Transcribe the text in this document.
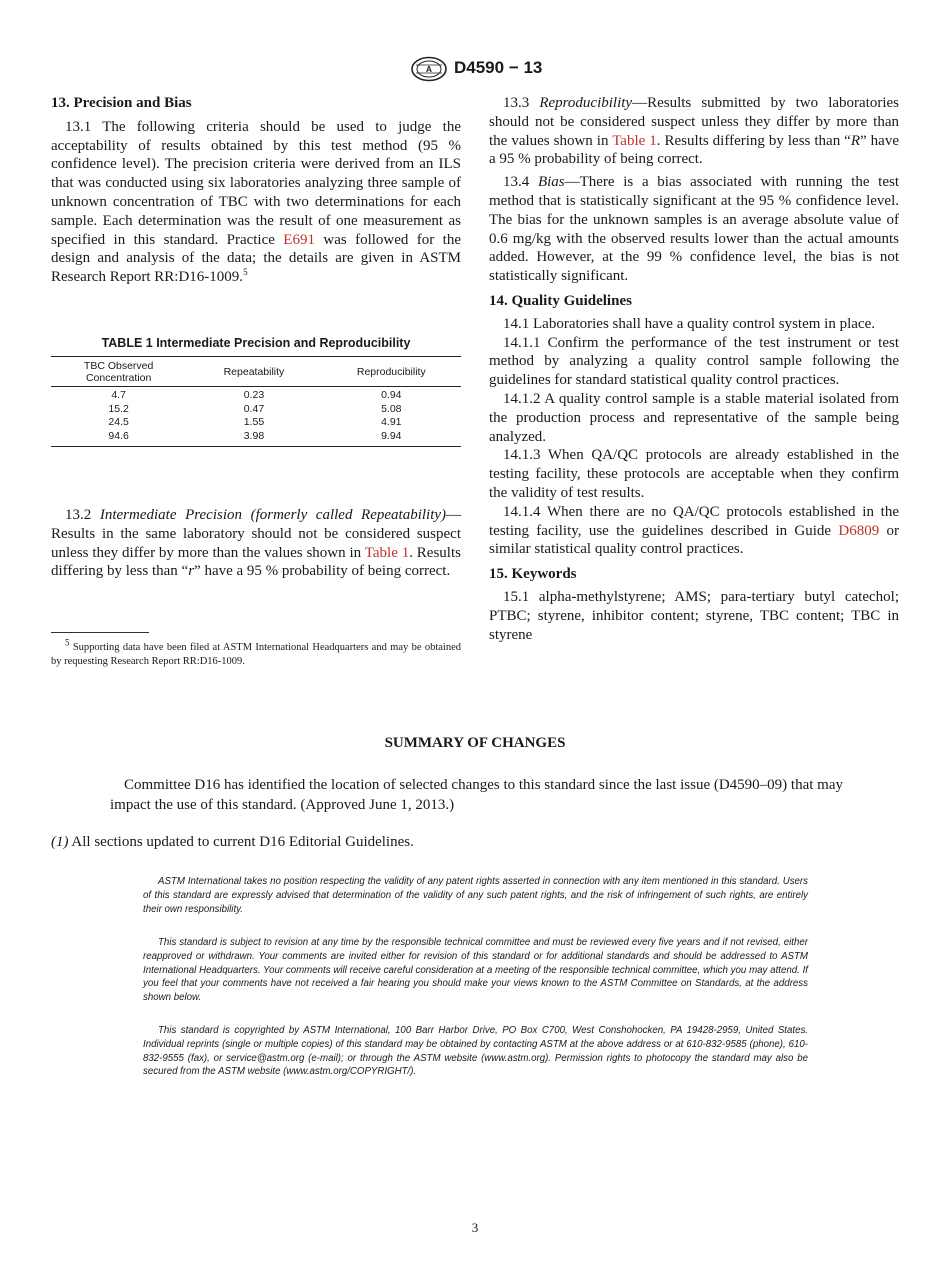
A D4590 − 13
13. Precision and Bias

13.1 The following criteria should be used to judge the acceptability of results obtained by this test method (95 % confidence level). The precision criteria were derived from an ILS that was conducted using six laboratories analyzing three sample of unknown concentration of TBC with two determinations for each sample. Each determination was the result of one measurement as specified in this standard. Practice E691 was followed for the design and analysis of the data; the details are given in ASTM Research Report RR:D16-1009.$^5$

TABLE 1 Intermediate Precision and Reproducibility
TBC Observed Concentration	Repeatability	Reproducibility
4.7	0.23	0.94
15.2	0.47	5.08
24.5	1.55	4.91
94.6	3.98	9.94

13.2 Intermediate Precision (formerly called Repeatability)—Results in the same laboratory should not be considered suspect unless they differ by more than the values shown in Table 1. Results differing by less than “r” have a 95 % probability of being correct.

$^5$ Supporting data have been filed at ASTM International Headquarters and may be obtained by requesting Research Report RR:D16-1009.

13.3 Reproducibility—Results submitted by two laboratories should not be considered suspect unless they differ by more than the values shown in Table 1. Results differing by less than “R” have a 95 % probability of being correct.

13.4 Bias—There is a bias associated with running the test method that is statistically significant at the 95 % confidence level. The bias for the unknown samples is an average absolute value of 0.6 mg/kg with the observed results lower than the actual amounts added. However, at the 99 % confidence level, the bias is not statistically significant.

14. Quality Guidelines

14.1 Laboratories shall have a quality control system in place.

14.1.1 Confirm the performance of the test instrument or test method by analyzing a quality control sample following the guidelines for standard statistical quality control practices.

14.1.2 A quality control sample is a stable material isolated from the production process and representative of the sample being analyzed.

14.1.3 When QA/QC protocols are already established in the testing facility, these protocols are acceptable when they confirm the validity of test results.

14.1.4 When there are no QA/QC protocols established in the testing facility, use the guidelines described in Guide D6809 or similar statistical quality control practices.

15. Keywords

15.1 alpha-methylstyrene; AMS; para-tertiary butyl catechol; PTBC; styrene, inhibitor content; styrene, TBC content; TBC in styrene

SUMMARY OF CHANGES
Committee D16 has identified the location of selected changes to this standard since the last issue (D4590–09) that may impact the use of this standard. (Approved June 1, 2013.)
(1) All sections updated to current D16 Editorial Guidelines.
ASTM International takes no position respecting the validity of any patent rights asserted in connection with any item mentioned in this standard. Users of this standard are expressly advised that determination of the validity of any such patent rights, and the risk of infringement of such rights, are entirely their own responsibility.
This standard is subject to revision at any time by the responsible technical committee and must be reviewed every five years and if not revised, either reapproved or withdrawn. Your comments are invited either for revision of this standard or for additional standards and should be addressed to ASTM International Headquarters. Your comments will receive careful consideration at a meeting of the responsible technical committee, which you may attend. If you feel that your comments have not received a fair hearing you should make your views known to the ASTM Committee on Standards, at the address shown below.
This standard is copyrighted by ASTM International, 100 Barr Harbor Drive, PO Box C700, West Conshohocken, PA 19428-2959, United States. Individual reprints (single or multiple copies) of this standard may be obtained by contacting ASTM at the above address or at 610-832-9585 (phone), 610-832-9555 (fax), or service@astm.org (e-mail); or through the ASTM website (www.astm.org). Permission rights to photocopy the standard may also be secured from the ASTM website (www.astm.org/COPYRIGHT/).
3
